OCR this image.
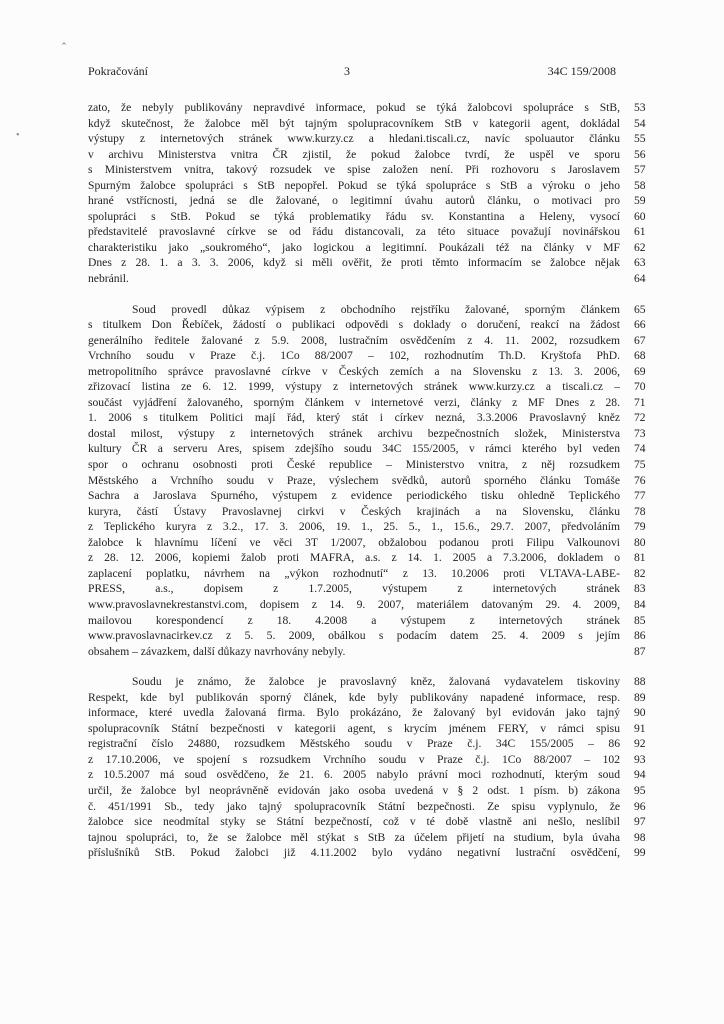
ˆ
•
Pokračování	3	34C 159/2008
zato, že nebyly publikovány nepravdivé informace, pokud se týká žalobcovi spolupráce s StB, 53
když skutečnost, že žalobce měl být tajným spolupracovníkem StB v kategorii agent, dokládal 54
výstupy z internetových stránek www.kurzy.cz a hledani.tiscali.cz, navíc spoluautor článku 55
v archivu Ministerstva vnitra ČR zjistil, že pokud žalobce tvrdí, že uspěl ve sporu 56
s Ministerstvem vnitra, takový rozsudek ve spise založen není. Při rozhovoru s Jaroslavem 57
Spurným žalobce spolupráci s StB nepopřel. Pokud se týká spolupráce s StB a výroku o jeho 58
hrané vstřícnosti, jedná se dle žalované, o legitimní úvahu autorů článku, o motivaci pro 59
spolupráci s StB. Pokud se týká problematiky řádu sv. Konstantina a Heleny, vysocí 60
představitelé pravoslavné církve se od řádu distancovali, za této situace považují novinářskou 61
charakteristiku jako „soukromého“, jako logickou a legitimní. Poukázali též na články v MF 62
Dnes z 28. 1. a 3. 3. 2006, když si měli ověřit, že proti těmto informacím se žalobce nějak 63
nebránil.	64
Soud provedl důkaz výpisem z obchodního rejstříku žalované, sporným článkem 65
s titulkem Don Řebíček, žádostí o publikaci odpovědi s doklady o doručení, reakcí na žádost 66
generálního ředitele žalované z 5.9. 2008, lustračním osvědčením z 4. 11. 2002, rozsudkem 67
Vrchního soudu v Praze č.j. 1Co 88/2007 – 102, rozhodnutím Th.D. Kryštofa PhD. 68
metropolitního správce pravoslavné církve v Českých zemích a na Slovensku z 13. 3. 2006, 69
zřizovací listina ze 6. 12. 1999, výstupy z internetových stránek www.kurzy.cz a tiscali.cz – 70
součást vyjádření žalovaného, sporným článkem v internetové verzi, články z MF Dnes z 28. 71
1. 2006 s titulkem Politici mají řád, který stát i církev nezná, 3.3.2006 Pravoslavný kněz 72
dostal milost, výstupy z internetových stránek archivu bezpečnostních složek, Ministerstva 73
kultury ČR a serveru Ares, spisem zdejšího soudu 34C 155/2005, v rámci kterého byl veden 74
spor o ochranu osobnosti proti České republice – Ministerstvo vnitra, z něj rozsudkem 75
Městského a Vrchního soudu v Praze, výslechem svědků, autorů sporného článku Tomáše 76
Sachra a Jaroslava Spurného, výstupem z evidence periodického tisku ohledně Teplického 77
kuryra, částí Ústavy Pravoslavnej cirkvi v Českých krajinách a na Slovensku, článku 78
z Teplického kuryra z 3.2., 17. 3. 2006, 19. 1., 25. 5., 1., 15.6., 29.7. 2007, předvoláním 79
žalobce k hlavnímu líčení ve věci 3T 1/2007, obžalobou podanou proti Filipu Valkounovi 80
z 28. 12. 2006, kopiemi žalob proti MAFRA, a.s. z 14. 1. 2005 a 7.3.2006, dokladem o 81
zaplacení poplatku, návrhem na „výkon rozhodnutí“ z 13. 10.2006 proti VLTAVA-LABE- 82
PRESS, a.s., dopisem z 1.7.2005, výstupem z internetových stránek 83
www.pravoslavnekrestanstvi.com, dopisem z 14. 9. 2007, materiálem datovaným 29. 4. 2009, 84
mailovou korespondencí z 18. 4.2008 a výstupem z internetových stránek 85
www.pravoslavnacirkev.cz z 5. 5. 2009, obálkou s podacím datem 25. 4. 2009 s jejím 86
obsahem – závazkem, další důkazy navrhovány nebyly.	87
Soudu je známo, že žalobce je pravoslavný kněz, žalovaná vydavatelem tiskoviny 88
Respekt, kde byl publikován sporný článek, kde byly publikovány napadené informace, resp. 89
informace, které uvedla žalovaná firma. Bylo prokázáno, že žalovaný byl evidován jako tajný 90
spolupracovník Státní bezpečnosti v kategorii agent, s krycím jménem FERY, v rámci spisu 91
registrační číslo 24880, rozsudkem Městského soudu v Praze č.j. 34C 155/2005 – 86 92
z 17.10.2006, ve spojení s rozsudkem Vrchního soudu v Praze č.j. 1Co 88/2007 – 102 93
z 10.5.2007 má soud osvědčeno, že 21. 6. 2005 nabylo právní moci rozhodnutí, kterým soud 94
určil, že žalobce byl neoprávněně evidován jako osoba uvedená v § 2 odst. 1 písm. b) zákona 95
č. 451/1991 Sb., tedy jako tajný spolupracovník Státní bezpečnosti. Ze spisu vyplynulo, že 96
žalobce sice neodmítal styky se Státní bezpečností, což v té době vlastně ani nešlo, neslíbil 97
tajnou spolupráci, to, že se žalobce měl stýkat s StB za účelem přijetí na studium, byla úvaha 98
příslušníků StB. Pokud žalobci již 4.11.2002 bylo vydáno negativní lustrační osvědčení, 99
